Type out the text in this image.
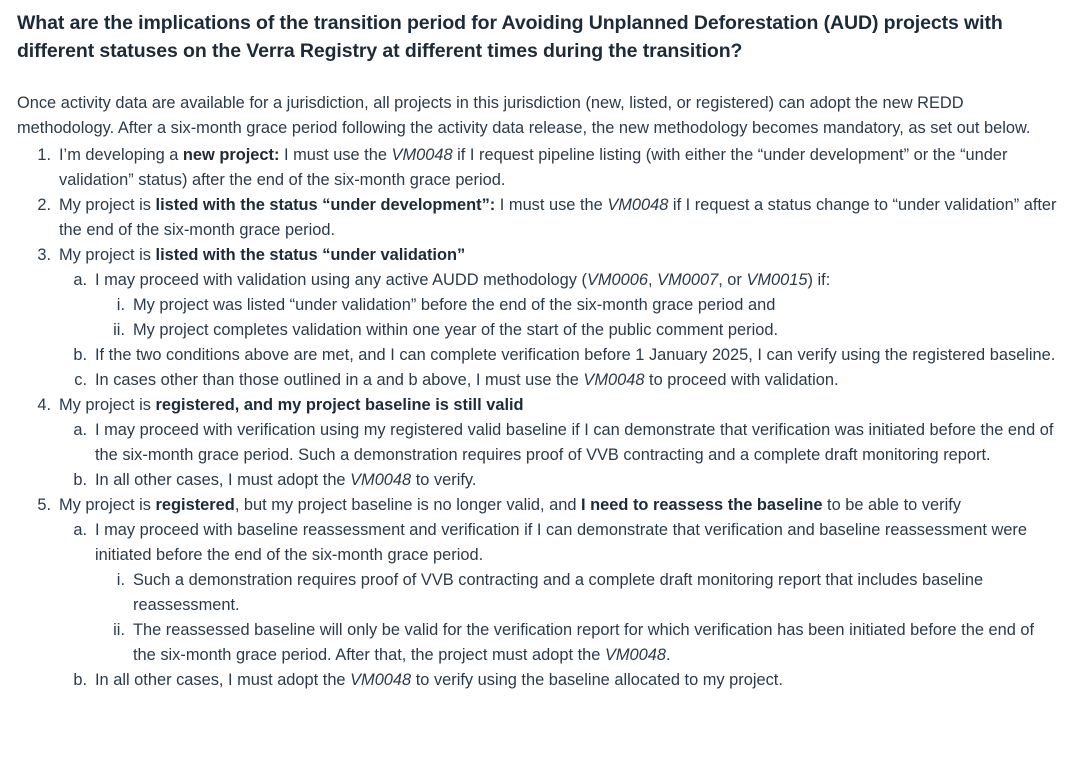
What are the implications of the transition period for Avoiding Unplanned Deforestation (AUD) projects with different statuses on the Verra Registry at different times during the transition?

Once activity data are available for a jurisdiction, all projects in this jurisdiction (new, listed, or registered) can adopt the new REDD methodology. After a six-month grace period following the activity data release, the new methodology becomes mandatory, as set out below.

1 . I’m developing a new project: I must use the VM0048 if I request pipeline listing (with either the “under development” or the “under validation” status) after the end of the six-month grace period.
2 . My project is listed with the status “under development”: I must use the VM0048 if I request a status change to “under validation” after the end of the six-month grace period.
3 . My project is listed with the status “under validation”
a . I may proceed with validation using any active AUDD methodology (VM0006, VM0007, or VM0015) if:
i . My project was listed “under validation” before the end of the six-month grace period and
ii . My project completes validation within one year of the start of the public comment period.
b . If the two conditions above are met, and I can complete verification before 1 January 2025, I can verify using the registered baseline.
c . In cases other than those outlined in a and b above, I must use the VM0048 to proceed with validation.
4 . My project is registered, and my project baseline is still valid
a . I may proceed with verification using my registered valid baseline if I can demonstrate that verification was initiated before the end of the six-month grace period. Such a demonstration requires proof of VVB contracting and a complete draft monitoring report.
b . In all other cases, I must adopt the VM0048 to verify.
5 . My project is registered, but my project baseline is no longer valid, and I need to reassess the baseline to be able to verify
a . I may proceed with baseline reassessment and verification if I can demonstrate that verification and baseline reassessment were initiated before the end of the six-month grace period.
i . Such a demonstration requires proof of VVB contracting and a complete draft monitoring report that includes baseline reassessment.
ii . The reassessed baseline will only be valid for the verification report for which verification has been initiated before the end of the six-month grace period. After that, the project must adopt the VM0048.
b . In all other cases, I must adopt the VM0048 to verify using the baseline allocated to my project.
